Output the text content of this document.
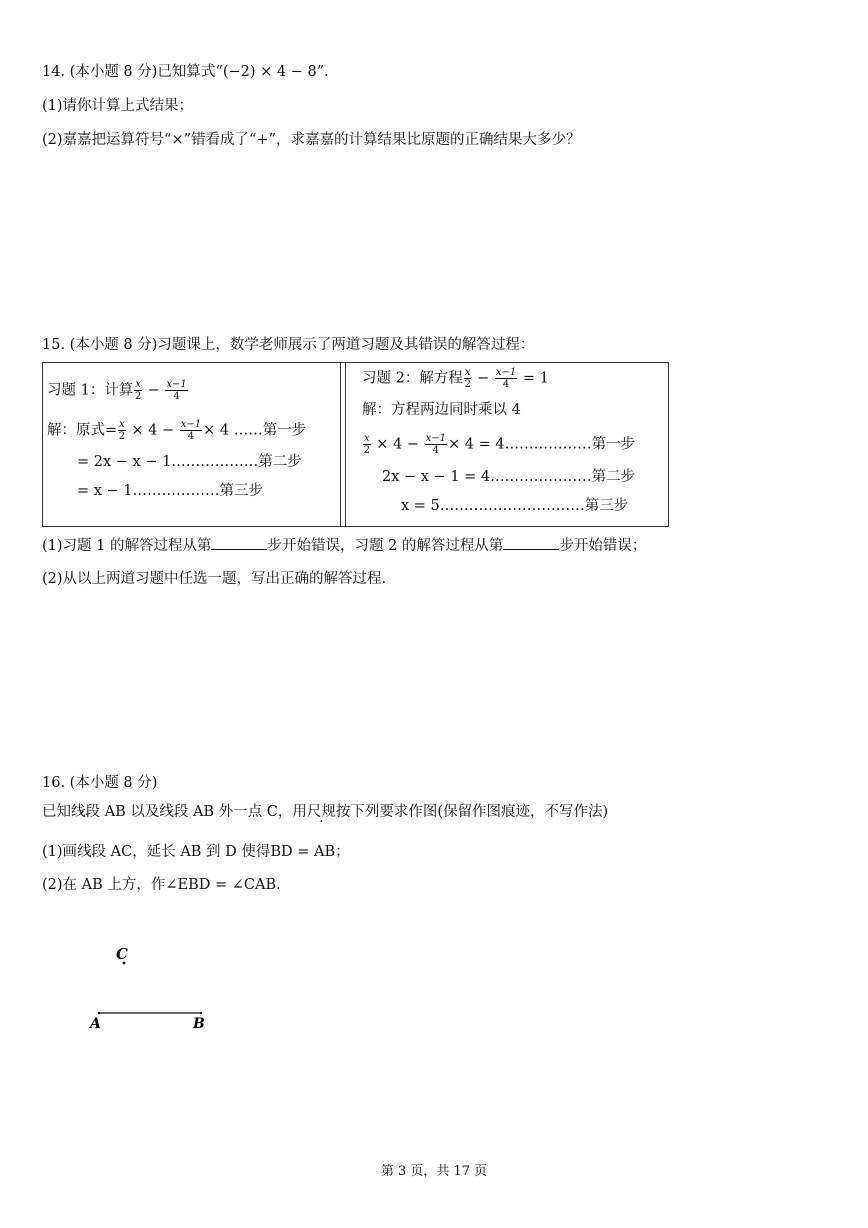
14. (本小题 8 分)已知算式“(−2) × 4 − 8”．
(1)请你计算上式结果；
(2)嘉嘉把运算符号“×”错看成了“+”，求嘉嘉的计算结果比原题的正确结果大多少？
15. (本小题 8 分)习题课上，数学老师展示了两道习题及其错误的解答过程：
习题 1：计算 $\frac{x}{2} - \frac{x-1}{4}$
解：原式= $\frac{x}{2} \times 4 - \frac{x-1}{4} \times 4$ ……第一步
= 2x − x − 1………………第二步
= x − 1………………第三步
习题 2：解方程 $\frac{x}{2} - \frac{x-1}{4} = 1$
解：方程两边同时乘以 4
$\frac{x}{2} \times 4 - \frac{x-1}{4} \times 4$ = 4………………第一步
2x − x − 1 = 4…………………第二步
x = 5…………………………第三步
(1)习题 1 的解答过程从第	步开始错误，习题 2 的解答过程从第	步开始错误；
(2)从以上两道习题中任选一题，写出正确的解答过程.
16. (本小题 8 分)
已知线段 AB 以及线段 AB 外一点 C，用尺规按下列要求作图(保留作图痕迹，不写作法)
(1)画线段 AC，延长 AB 到 D 使得BD = AB；
(2)在 AB 上方，作∠EBD = ∠CAB.
C
A	B
第 3 页，共 17 页
